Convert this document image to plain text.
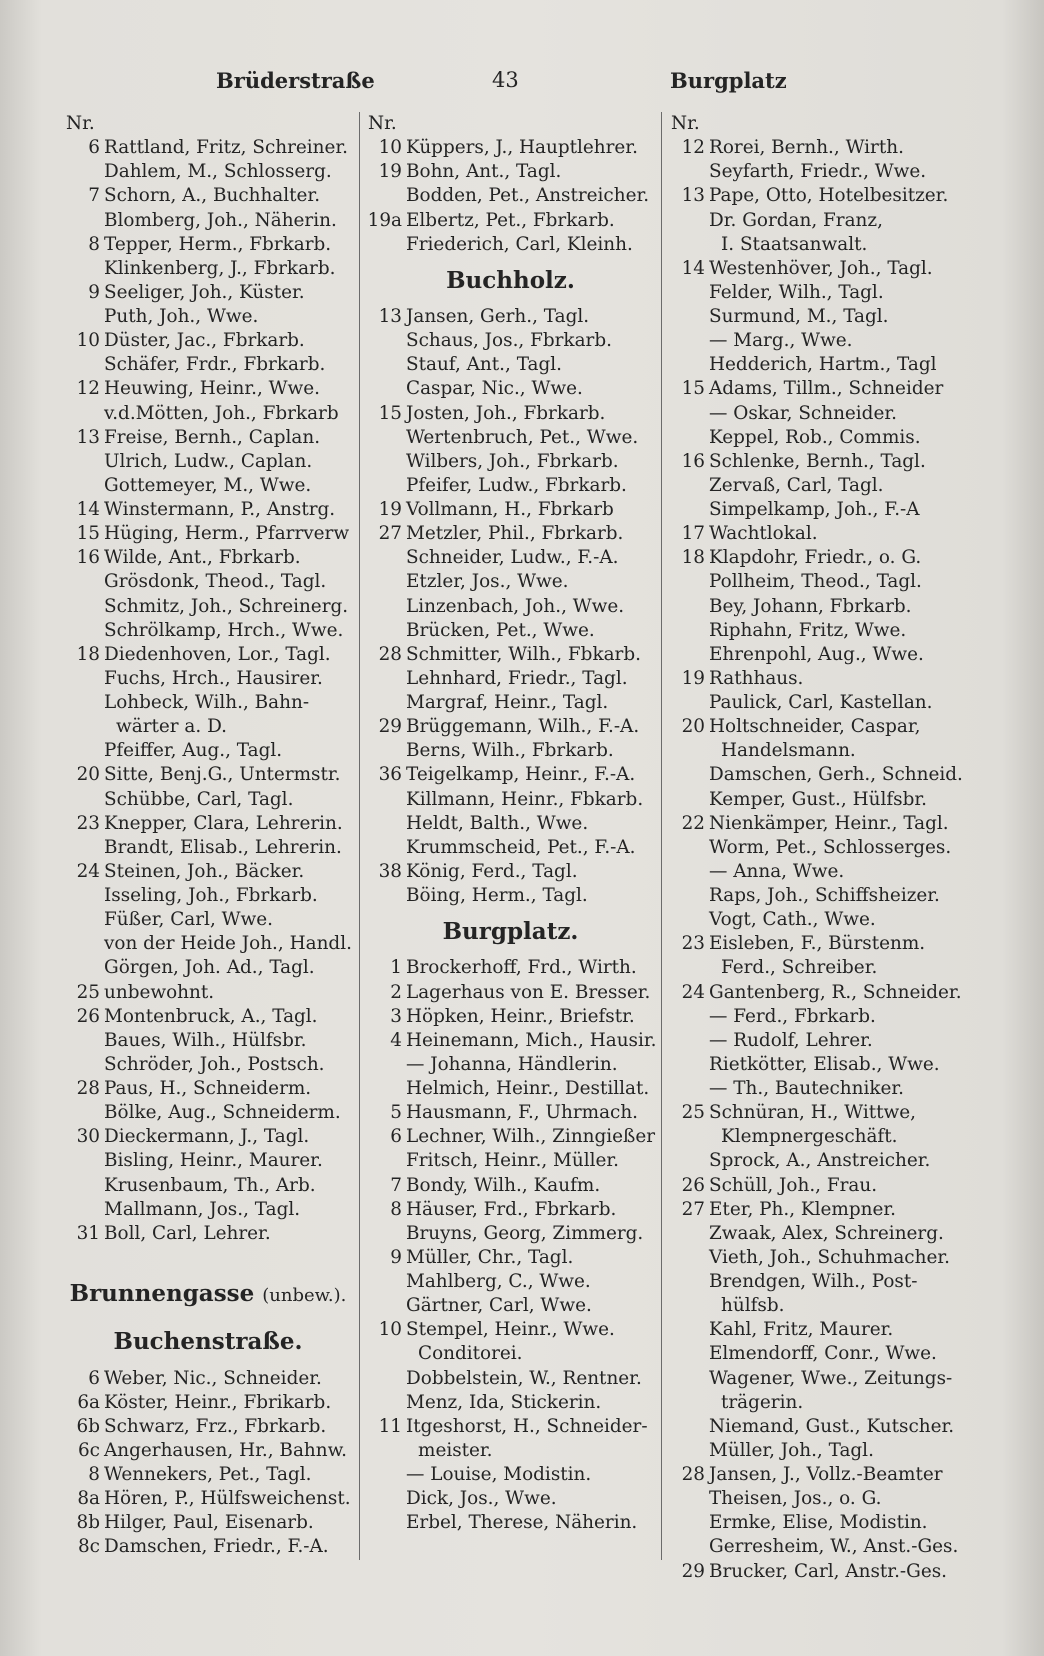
Brüderstraße	43	Burgplatz
Nr.
6 Rattland, Fritz, Schreiner.
Dahlem, M., Schlosserg.
7 Schorn, A., Buchhalter.
Blomberg, Joh., Näherin.
8 Tepper, Herm., Fbrkarb.
Klinkenberg, J., Fbrkarb.
9 Seeliger, Joh., Küster.
Puth, Joh., Wwe.
10 Düster, Jac., Fbrkarb.
Schäfer, Frdr., Fbrkarb.
12 Heuwing, Heinr., Wwe.
v.d.Mötten, Joh., Fbrkarb
13 Freise, Bernh., Caplan.
Ulrich, Ludw., Caplan.
Gottemeyer, M., Wwe.
14 Winstermann, P., Anstrg.
15 Hüging, Herm., Pfarrverw
16 Wilde, Ant., Fbrkarb.
Grösdonk, Theod., Tagl.
Schmitz, Joh., Schreinerg.
Schrölkamp, Hrch., Wwe.
18 Diedenhoven, Lor., Tagl.
Fuchs, Hrch., Hausirer.
Lohbeck, Wilh., Bahn-
wärter a. D.
Pfeiffer, Aug., Tagl.
20 Sitte, Benj.G., Untermstr.
Schübbe, Carl, Tagl.
23 Knepper, Clara, Lehrerin.
Brandt, Elisab., Lehrerin.
24 Steinen, Joh., Bäcker.
Isseling, Joh., Fbrkarb.
Füßer, Carl, Wwe.
von der Heide Joh., Handl.
Görgen, Joh. Ad., Tagl.
25 unbewohnt.
26 Montenbruck, A., Tagl.
Baues, Wilh., Hülfsbr.
Schröder, Joh., Postsch.
28 Paus, H., Schneiderm.
Bölke, Aug., Schneiderm.
30 Dieckermann, J., Tagl.
Bisling, Heinr., Maurer.
Krusenbaum, Th., Arb.
Mallmann, Jos., Tagl.
31 Boll, Carl, Lehrer.
Brunnengasse (unbew.).
Buchenstraße.
6 Weber, Nic., Schneider.
6a Köster, Heinr., Fbrikarb.
6b Schwarz, Frz., Fbrkarb.
6c Angerhausen, Hr., Bahnw.
8 Wennekers, Pet., Tagl.
8a Hören, P., Hülfsweichenst.
8b Hilger, Paul, Eisenarb.
8c Damschen, Friedr., F.-A.
Nr.
10 Küppers, J., Hauptlehrer.
19 Bohn, Ant., Tagl.
Bodden, Pet., Anstreicher.
19a Elbertz, Pet., Fbrkarb.
Friederich, Carl, Kleinh.
Buchholz.
13 Jansen, Gerh., Tagl.
Schaus, Jos., Fbrkarb.
Stauf, Ant., Tagl.
Caspar, Nic., Wwe.
15 Josten, Joh., Fbrkarb.
Wertenbruch, Pet., Wwe.
Wilbers, Joh., Fbrkarb.
Pfeifer, Ludw., Fbrkarb.
19 Vollmann, H., Fbrkarb
27 Metzler, Phil., Fbrkarb.
Schneider, Ludw., F.-A.
Etzler, Jos., Wwe.
Linzenbach, Joh., Wwe.
Brücken, Pet., Wwe.
28 Schmitter, Wilh., Fbkarb.
Lehnhard, Friedr., Tagl.
Margraf, Heinr., Tagl.
29 Brüggemann, Wilh., F.-A.
Berns, Wilh., Fbrkarb.
36 Teigelkamp, Heinr., F.-A.
Killmann, Heinr., Fbkarb.
Heldt, Balth., Wwe.
Krummscheid, Pet., F.-A.
38 König, Ferd., Tagl.
Böing, Herm., Tagl.
Burgplatz.
1 Brockerhoff, Frd., Wirth.
2 Lagerhaus von E. Bresser.
3 Höpken, Heinr., Briefstr.
4 Heinemann, Mich., Hausir.
— Johanna, Händlerin.
Helmich, Heinr., Destillat.
5 Hausmann, F., Uhrmach.
6 Lechner, Wilh., Zinngießer
Fritsch, Heinr., Müller.
7 Bondy, Wilh., Kaufm.
8 Häuser, Frd., Fbrkarb.
Bruyns, Georg, Zimmerg.
9 Müller, Chr., Tagl.
Mahlberg, C., Wwe.
Gärtner, Carl, Wwe.
10 Stempel, Heinr., Wwe.
Conditorei.
Dobbelstein, W., Rentner.
Menz, Ida, Stickerin.
11 Itgeshorst, H., Schneider-
meister.
— Louise, Modistin.
Dick, Jos., Wwe.
Erbel, Therese, Näherin.
Nr.
12 Rorei, Bernh., Wirth.
Seyfarth, Friedr., Wwe.
13 Pape, Otto, Hotelbesitzer.
Dr. Gordan, Franz,
I. Staatsanwalt.
14 Westenhöver, Joh., Tagl.
Felder, Wilh., Tagl.
Surmund, M., Tagl.
— Marg., Wwe.
Hedderich, Hartm., Tagl
15 Adams, Tillm., Schneider
— Oskar, Schneider.
Keppel, Rob., Commis.
16 Schlenke, Bernh., Tagl.
Zervaß, Carl, Tagl.
Simpelkamp, Joh., F.-A
17 Wachtlokal.
18 Klapdohr, Friedr., o. G.
Pollheim, Theod., Tagl.
Bey, Johann, Fbrkarb.
Riphahn, Fritz, Wwe.
Ehrenpohl, Aug., Wwe.
19 Rathhaus.
Paulick, Carl, Kastellan.
20 Holtschneider, Caspar,
Handelsmann.
Damschen, Gerh., Schneid.
Kemper, Gust., Hülfsbr.
22 Nienkämper, Heinr., Tagl.
Worm, Pet., Schlosserges.
— Anna, Wwe.
Raps, Joh., Schiffsheizer.
Vogt, Cath., Wwe.
23 Eisleben, F., Bürstenm.
Ferd., Schreiber.
24 Gantenberg, R., Schneider.
— Ferd., Fbrkarb.
— Rudolf, Lehrer.
Rietkötter, Elisab., Wwe.
— Th., Bautechniker.
25 Schnüran, H., Wittwe,
Klempnergeschäft.
Sprock, A., Anstreicher.
26 Schüll, Joh., Frau.
27 Eter, Ph., Klempner.
Zwaak, Alex, Schreinerg.
Vieth, Joh., Schuhmacher.
Brendgen, Wilh., Post-
hülfsb.
Kahl, Fritz, Maurer.
Elmendorff, Conr., Wwe.
Wagener, Wwe., Zeitungs-
trägerin.
Niemand, Gust., Kutscher.
Müller, Joh., Tagl.
28 Jansen, J., Vollz.-Beamter
Theisen, Jos., o. G.
Ermke, Elise, Modistin.
Gerresheim, W., Anst.-Ges.
29 Brucker, Carl, Anstr.-Ges.
